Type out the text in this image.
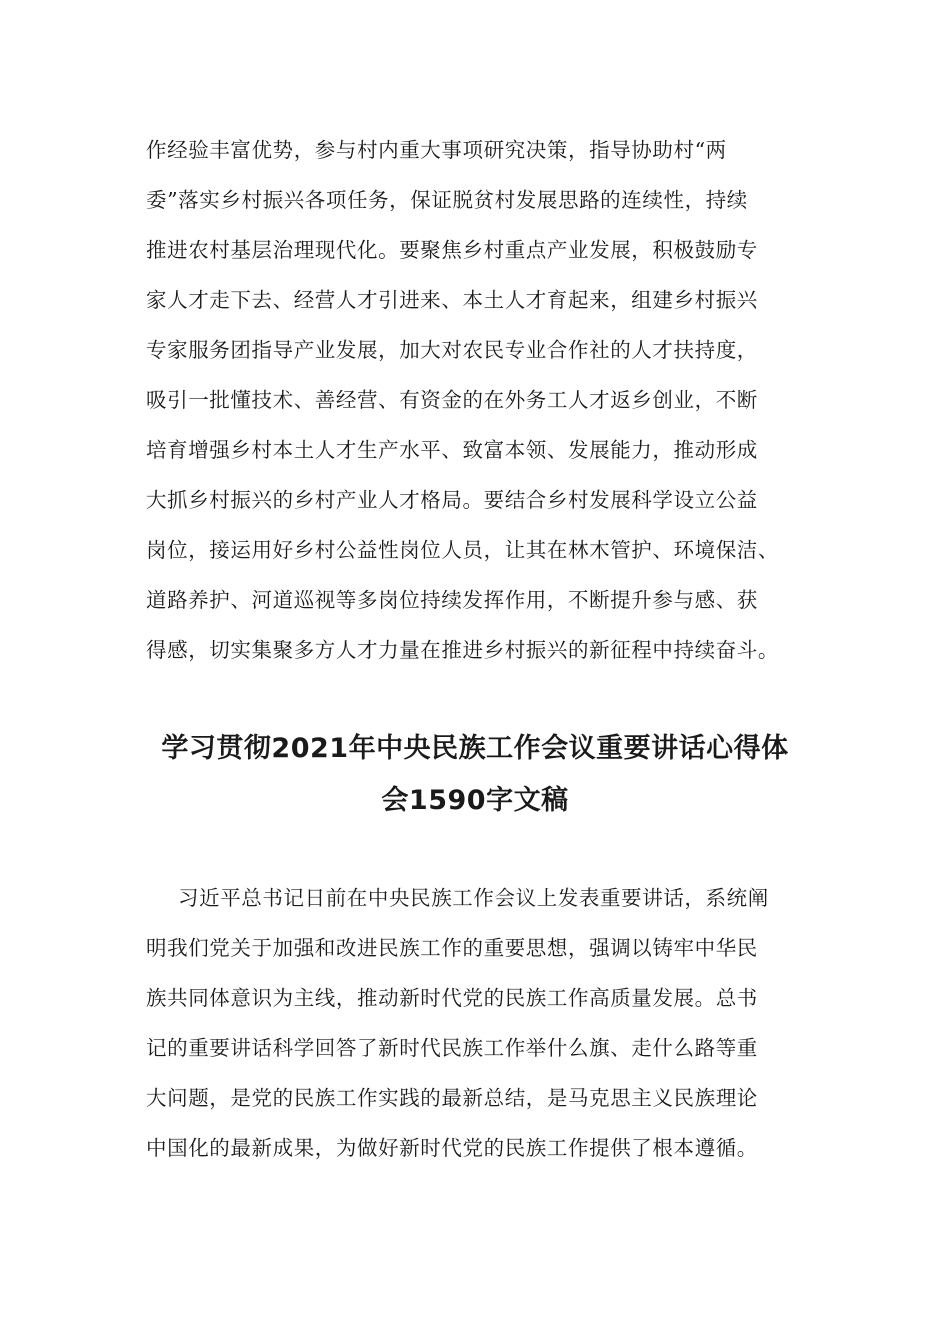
作经验丰富优势，参与村内重大事项研究决策，指导协助村“两
委”落实乡村振兴各项任务，保证脱贫村发展思路的连续性，持续
推进农村基层治理现代化。要聚焦乡村重点产业发展，积极鼓励专
家人才走下去、经营人才引进来、本土人才育起来，组建乡村振兴
专家服务团指导产业发展，加大对农民专业合作社的人才扶持度，
吸引一批懂技术、善经营、有资金的在外务工人才返乡创业，不断
培育增强乡村本土人才生产水平、致富本领、发展能力，推动形成
大抓乡村振兴的乡村产业人才格局。要结合乡村发展科学设立公益
岗位，接运用好乡村公益性岗位人员，让其在林木管护、环境保洁、
道路养护、河道巡视等多岗位持续发挥作用，不断提升参与感、获
得感，切实集聚多方人才力量在推进乡村振兴的新征程中持续奋斗。
学习贯彻2021年中央民族工作会议重要讲话心得体
会1590字文稿
习近平总书记日前在中央民族工作会议上发表重要讲话，系统阐
明我们党关于加强和改进民族工作的重要思想，强调以铸牢中华民
族共同体意识为主线，推动新时代党的民族工作高质量发展。总书
记的重要讲话科学回答了新时代民族工作举什么旗、走什么路等重
大问题，是党的民族工作实践的最新总结，是马克思主义民族理论
中国化的最新成果，为做好新时代党的民族工作提供了根本遵循。
